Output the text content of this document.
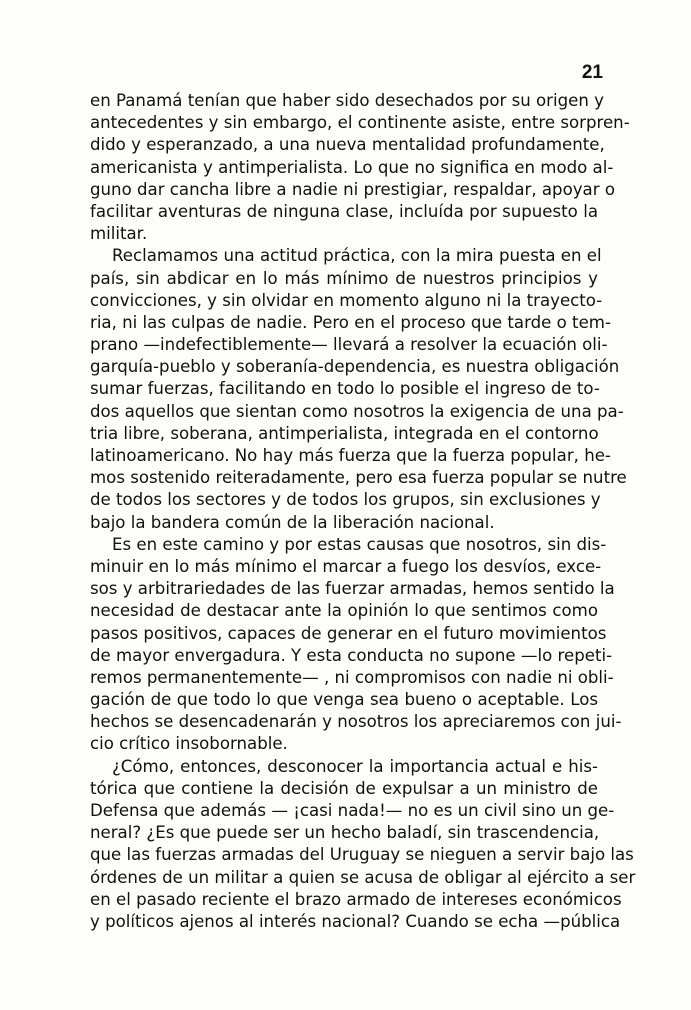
21
en Panamá tenían que haber sido desechados por su origen y
antecedentes y sin embargo, el continente asiste, entre sorpren-
dido y esperanzado, a una nueva mentalidad profundamente,
americanista y antimperialista. Lo que no significa en modo al-
guno dar cancha libre a nadie ni prestigiar, respaldar, apoyar o
facilitar aventuras de ninguna clase, incluída por supuesto la
militar.
Reclamamos una actitud práctica, con la mira puesta en el
país, sin abdicar en lo más mínimo de nuestros principios y
convicciones, y sin olvidar en momento alguno ni la trayecto-
ria, ni las culpas de nadie. Pero en el proceso que tarde o tem-
prano —indefectiblemente— llevará a resolver la ecuación oli-
garquía-pueblo y soberanía-dependencia, es nuestra obligación
sumar fuerzas, facilitando en todo lo posible el ingreso de to-
dos aquellos que sientan como nosotros la exigencia de una pa-
tria libre, soberana, antimperialista, integrada en el contorno
latinoamericano. No hay más fuerza que la fuerza popular, he-
mos sostenido reiteradamente, pero esa fuerza popular se nutre
de todos los sectores y de todos los grupos, sin exclusiones y
bajo la bandera común de la liberación nacional.
Es en este camino y por estas causas que nosotros, sin dis-
minuir en lo más mínimo el marcar a fuego los desvíos, exce-
sos y arbitrariedades de las fuerzar armadas, hemos sentido la
necesidad de destacar ante la opinión lo que sentimos como
pasos positivos, capaces de generar en el futuro movimientos
de mayor envergadura. Y esta conducta no supone —lo repeti-
remos permanentemente— , ni compromisos con nadie ni obli-
gación de que todo lo que venga sea bueno o aceptable. Los
hechos se desencadenarán y nosotros los apreciaremos con jui-
cio crítico insobornable.
¿Cómo, entonces, desconocer la importancia actual e his-
tórica que contiene la decisión de expulsar a un ministro de
Defensa que además — ¡casi nada!— no es un civil sino un ge-
neral? ¿Es que puede ser un hecho baladí, sin trascendencia,
que las fuerzas armadas del Uruguay se nieguen a servir bajo las
órdenes de un militar a quien se acusa de obligar al ejército a ser
en el pasado reciente el brazo armado de intereses económicos
y políticos ajenos al interés nacional? Cuando se echa —pública
